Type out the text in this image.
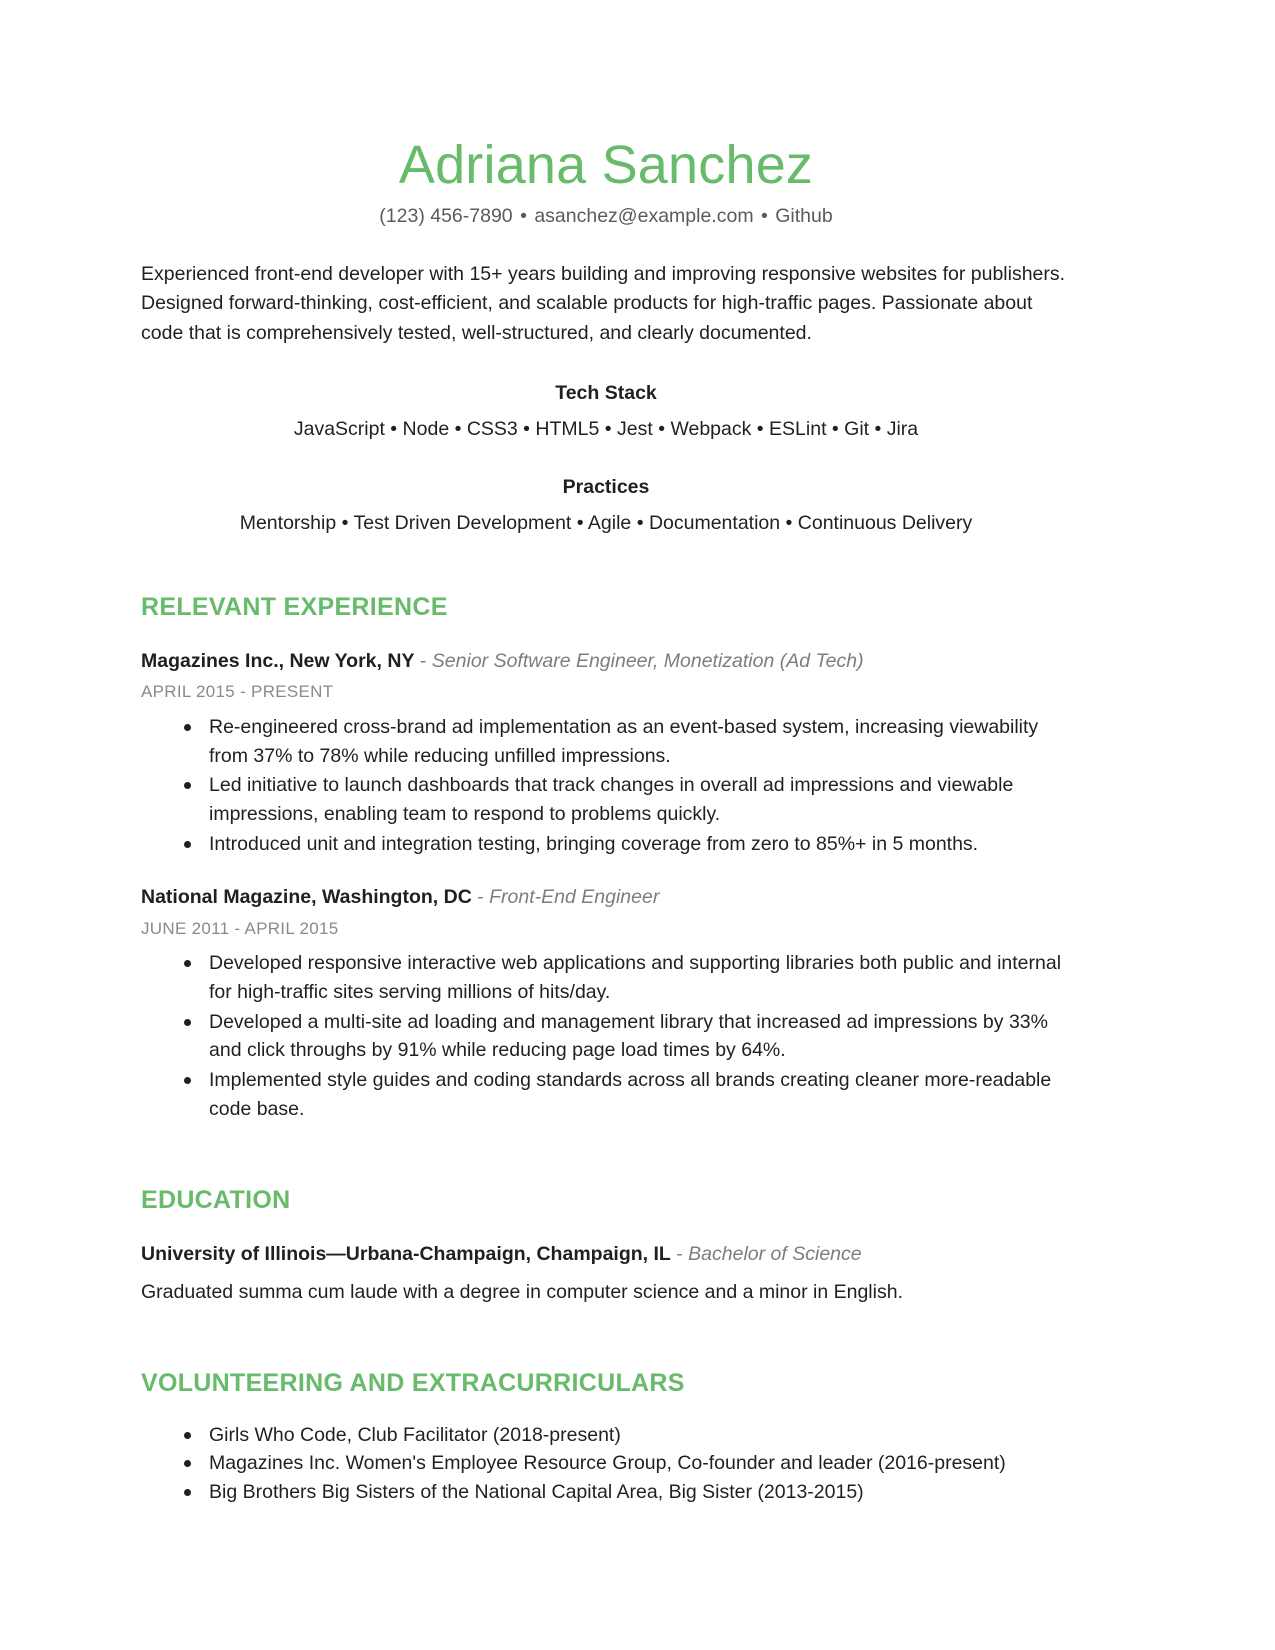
Adriana Sanchez
(123) 456-7890 • asanchez@example.com • Github

Experienced front-end developer with 15+ years building and improving responsive websites for publishers. Designed forward-thinking, cost-efficient, and scalable products for high-traffic pages. Passionate about code that is comprehensively tested, well-structured, and clearly documented.

Tech Stack
JavaScript • Node • CSS3 • HTML5 • Jest • Webpack • ESLint • Git • Jira
Practices
Mentorship • Test Driven Development • Agile • Documentation • Continuous Delivery
RELEVANT EXPERIENCE
Magazines Inc., New York, NY - Senior Software Engineer, Monetization (Ad Tech)
APRIL 2015 - PRESENT
Re-engineered cross-brand ad implementation as an event-based system, increasing viewability from 37% to 78% while reducing unfilled impressions.
Led initiative to launch dashboards that track changes in overall ad impressions and viewable impressions, enabling team to respond to problems quickly.
Introduced unit and integration testing, bringing coverage from zero to 85%+ in 5 months.
National Magazine, Washington, DC - Front-End Engineer
JUNE 2011 - APRIL 2015
Developed responsive interactive web applications and supporting libraries both public and internal for high-traffic sites serving millions of hits/day.
Developed a multi-site ad loading and management library that increased ad impressions by 33% and click throughs by 91% while reducing page load times by 64%.
Implemented style guides and coding standards across all brands creating cleaner more-readable code base.
EDUCATION
University of Illinois—Urbana-Champaign, Champaign, IL - Bachelor of Science
Graduated summa cum laude with a degree in computer science and a minor in English.
VOLUNTEERING AND EXTRACURRICULARS
Girls Who Code, Club Facilitator (2018-present)
Magazines Inc. Women's Employee Resource Group, Co-founder and leader (2016-present)
Big Brothers Big Sisters of the National Capital Area, Big Sister (2013-2015)
